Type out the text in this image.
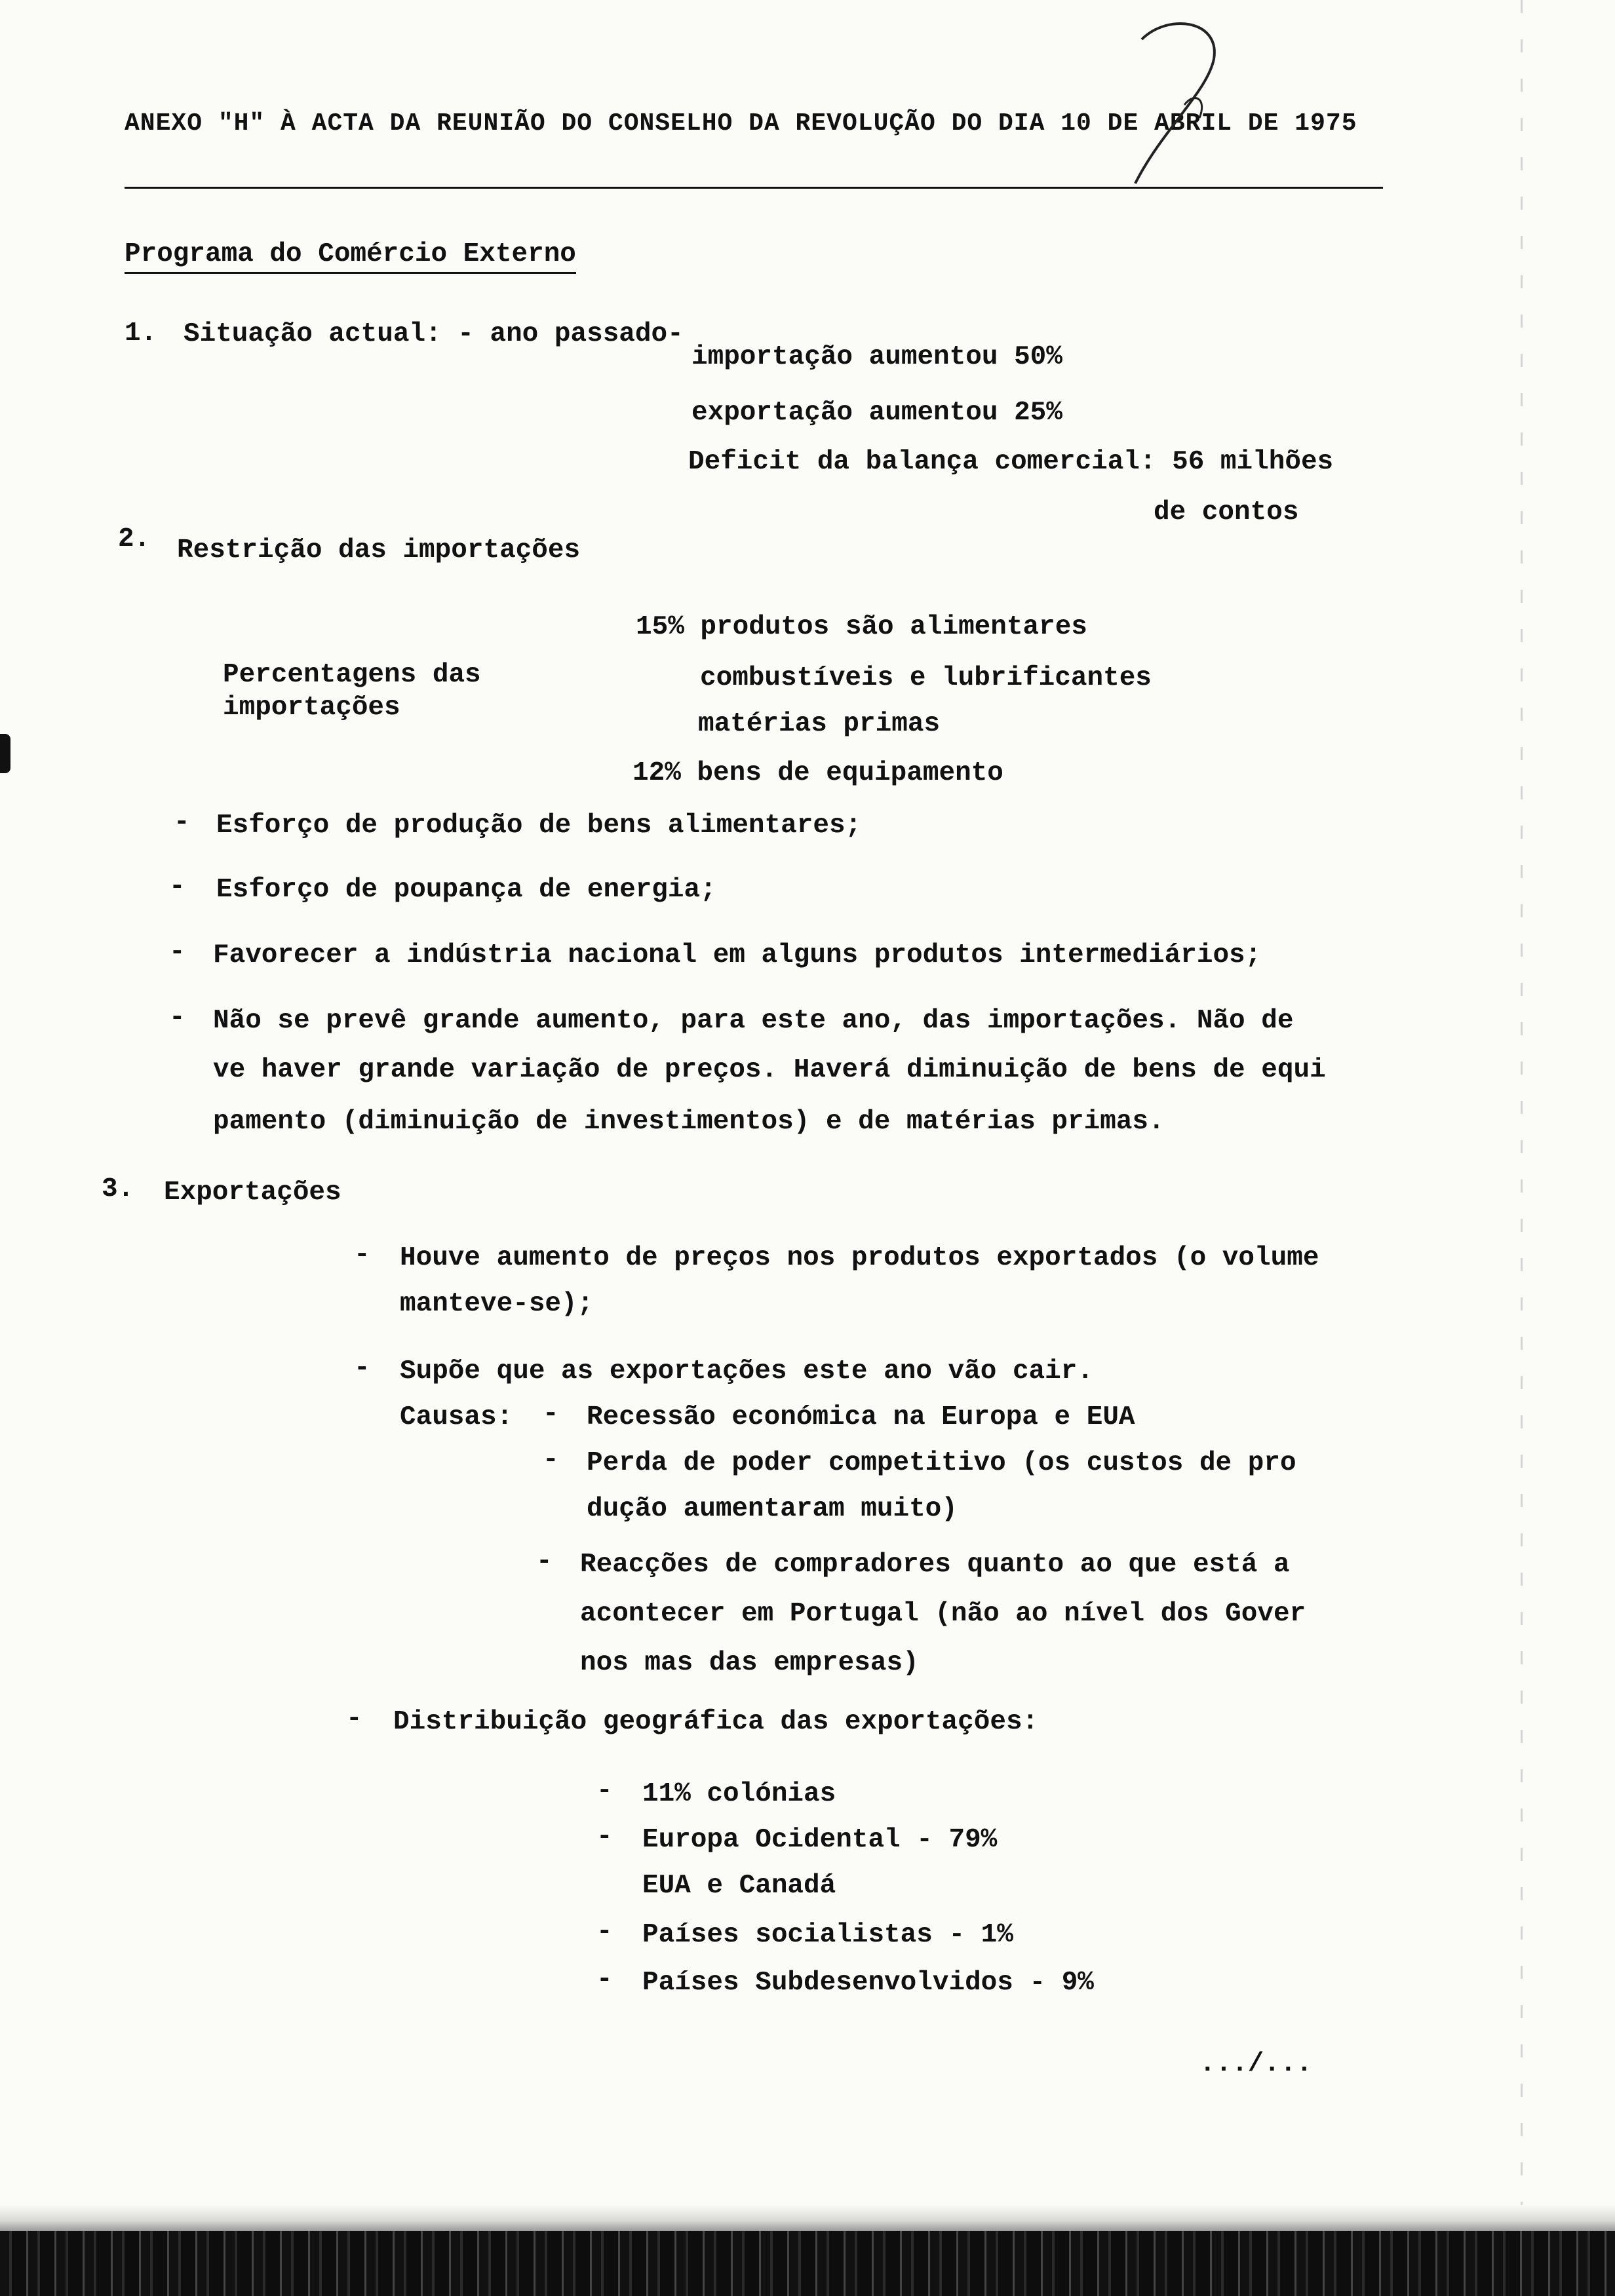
ANEXO "H" À ACTA DA REUNIÃO DO CONSELHO DA REVOLUÇÃO DO DIA 10 DE ABRIL DE 1975
Programa do Comércio Externo
1. Situação actual: - ano passado-
importação aumentou 50%
exportação aumentou 25%
Deficit da balança comercial: 56 milhões
de contos
2. Restrição das importações
Percentagens das
importações
15% produtos são alimentares
combustíveis e lubrificantes
matérias primas
12% bens de equipamento
- Esforço de produção de bens alimentares;
- Esforço de poupança de energia;
- Favorecer a indústria nacional em alguns produtos intermediários;
- Não se prevê grande aumento, para este ano, das importações. Não de
ve haver grande variação de preços. Haverá diminuição de bens de equi
pamento (diminuição de investimentos) e de matérias primas.
3. Exportações
- Houve aumento de preços nos produtos exportados (o volume
manteve-se);
- Supõe que as exportações este ano vão cair.
Causas: - Recessão económica na Europa e EUA
- Perda de poder competitivo (os custos de pro
dução aumentaram muito)
- Reacções de compradores quanto ao que está a
acontecer em Portugal (não ao nível dos Gover
nos mas das empresas)
- Distribuição geográfica das exportações:
- 11% colónias
- Europa Ocidental - 79%
EUA e Canadá
- Países socialistas - 1%
- Países Subdesenvolvidos - 9%
.../...
